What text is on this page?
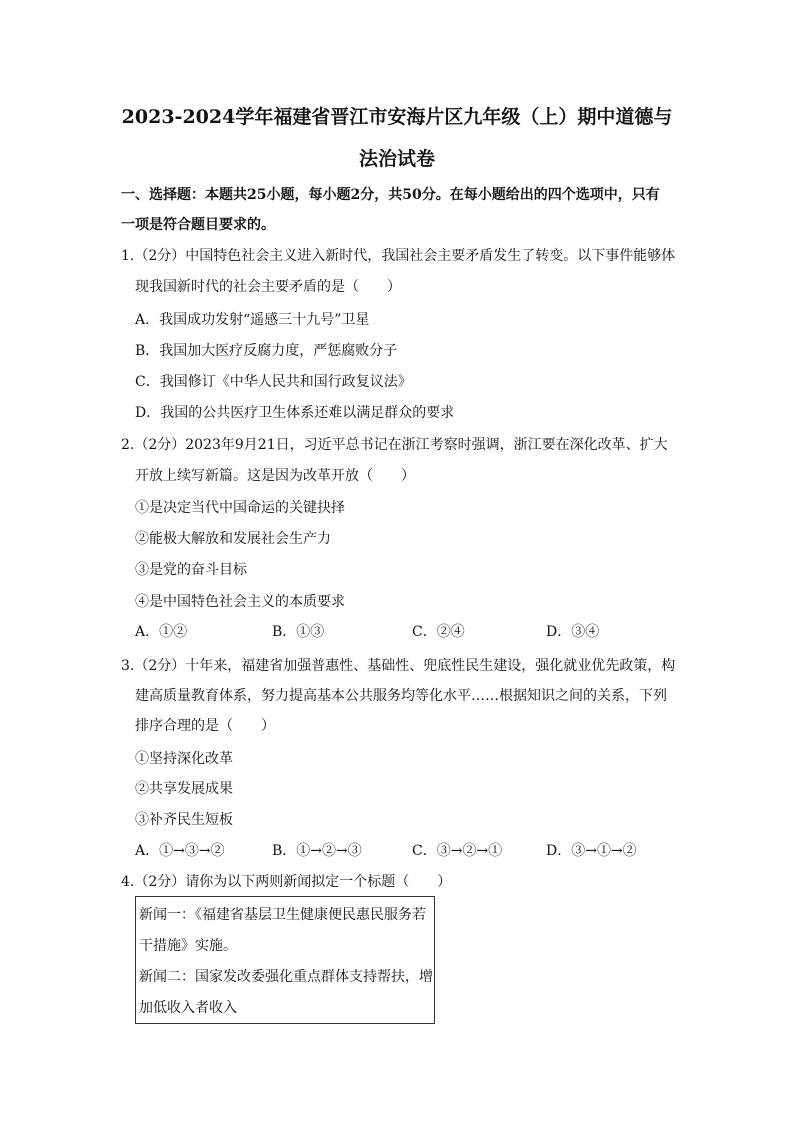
2023-2024学年福建省晋江市安海片区九年级（上）期中道德与
法治试卷
一、选择题：本题共25小题，每小题2分，共50分。在每小题给出的四个选项中，只有
一项是符合题目要求的。
1.（2分）中国特色社会主义进入新时代，我国社会主要矛盾发生了转变。以下事件能够体
现我国新时代的社会主要矛盾的是（　　）
A．我国成功发射“遥感三十九号”卫星
B．我国加大医疗反腐力度，严惩腐败分子
C．我国修订《中华人民共和国行政复议法》
D．我国的公共医疗卫生体系还难以满足群众的要求
2.（2分）2023年9月21日，习近平总书记在浙江考察时强调，浙江要在深化改革、扩大
开放上续写新篇。这是因为改革开放（　　）
①是决定当代中国命运的关键抉择
②能极大解放和发展社会生产力
③是党的奋斗目标
④是中国特色社会主义的本质要求
A．①②	B．①③	C．②④	D．③④
3.（2分）十年来，福建省加强普惠性、基础性、兜底性民生建设，强化就业优先政策，构
建高质量教育体系，努力提高基本公共服务均等化水平……根据知识之间的关系，下列
排序合理的是（　　）
①坚持深化改革
②共享发展成果
③补齐民生短板
A．①→③→②	B．①→②→③	C．③→②→①	D．③→①→②
4.（2分）请你为以下两则新闻拟定一个标题（　　）
新闻一：《福建省基层卫生健康便民惠民服务若
干措施》实施。
新闻二：国家发改委强化重点群体支持帮扶，增
加低收入者收入
